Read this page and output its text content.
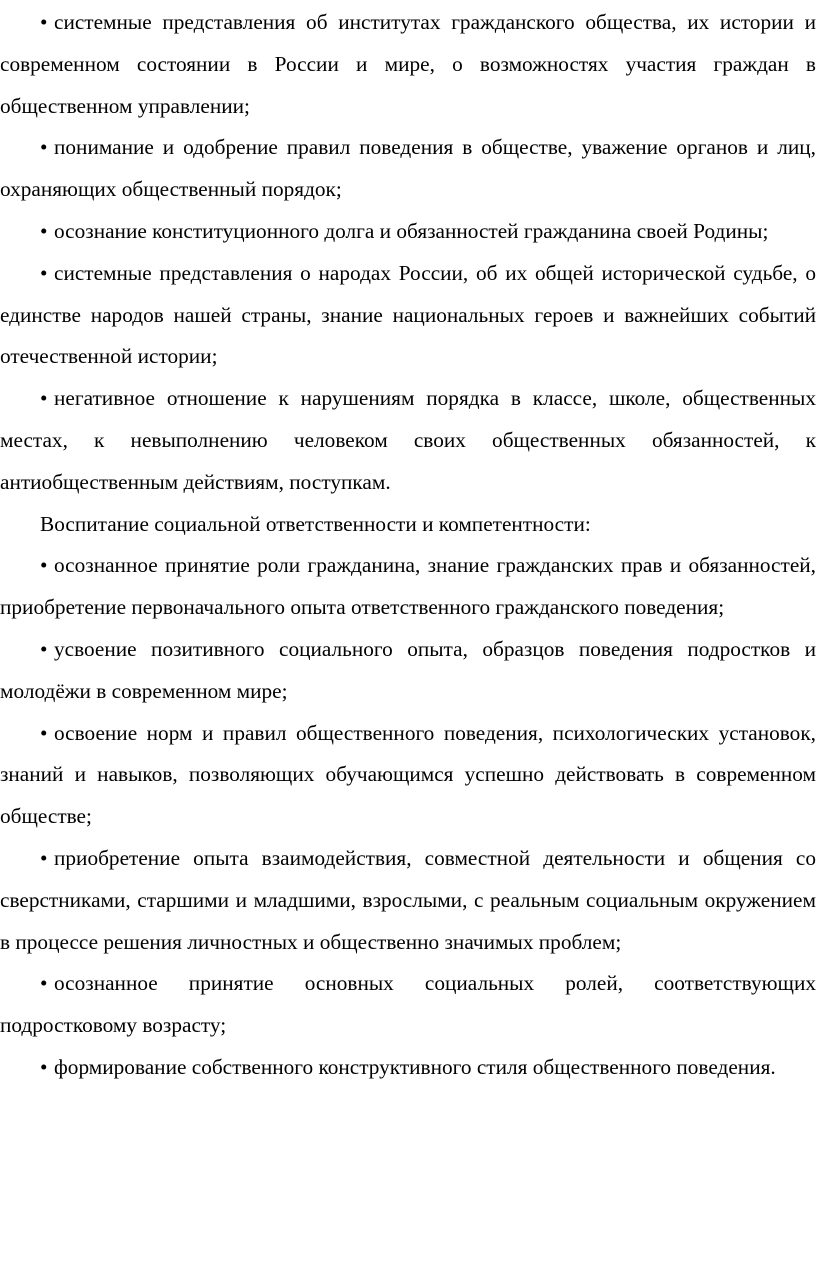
• системные представления об институтах гражданского общества, их истории и современном состоянии в России и мире, о возможностях участия граждан в общественном управлении;

• понимание и одобрение правил поведения в обществе, уважение органов и лиц, охраняющих общественный порядок;

• осознание конституционного долга и обязанностей гражданина своей Родины;

• системные представления о народах России, об их общей исторической судьбе, о единстве народов нашей страны, знание национальных героев и важнейших событий отечественной истории;

• негативное отношение к нарушениям порядка в классе, школе, общественных местах, к невыполнению человеком своих общественных обязанностей, к антиобщественным действиям, поступкам.

Воспитание социальной ответственности и компетентности:

• осознанное принятие роли гражданина, знание гражданских прав и обязанностей, приобретение первоначального опыта ответственного гражданского поведения;

• усвоение позитивного социального опыта, образцов поведения подростков и молодёжи в современном мире;

• освоение норм и правил общественного поведения, психологических установок, знаний и навыков, позволяющих обучающимся успешно действовать в современном обществе;

• приобретение опыта взаимодействия, совместной деятельности и общения со сверстниками, старшими и младшими, взрослыми, с реальным социальным окружением в процессе решения личностных и общественно значимых проблем;

• осознанное принятие основных социальных ролей, соответствующих подростковому возрасту;

• формирование собственного конструктивного стиля общественного поведения.
